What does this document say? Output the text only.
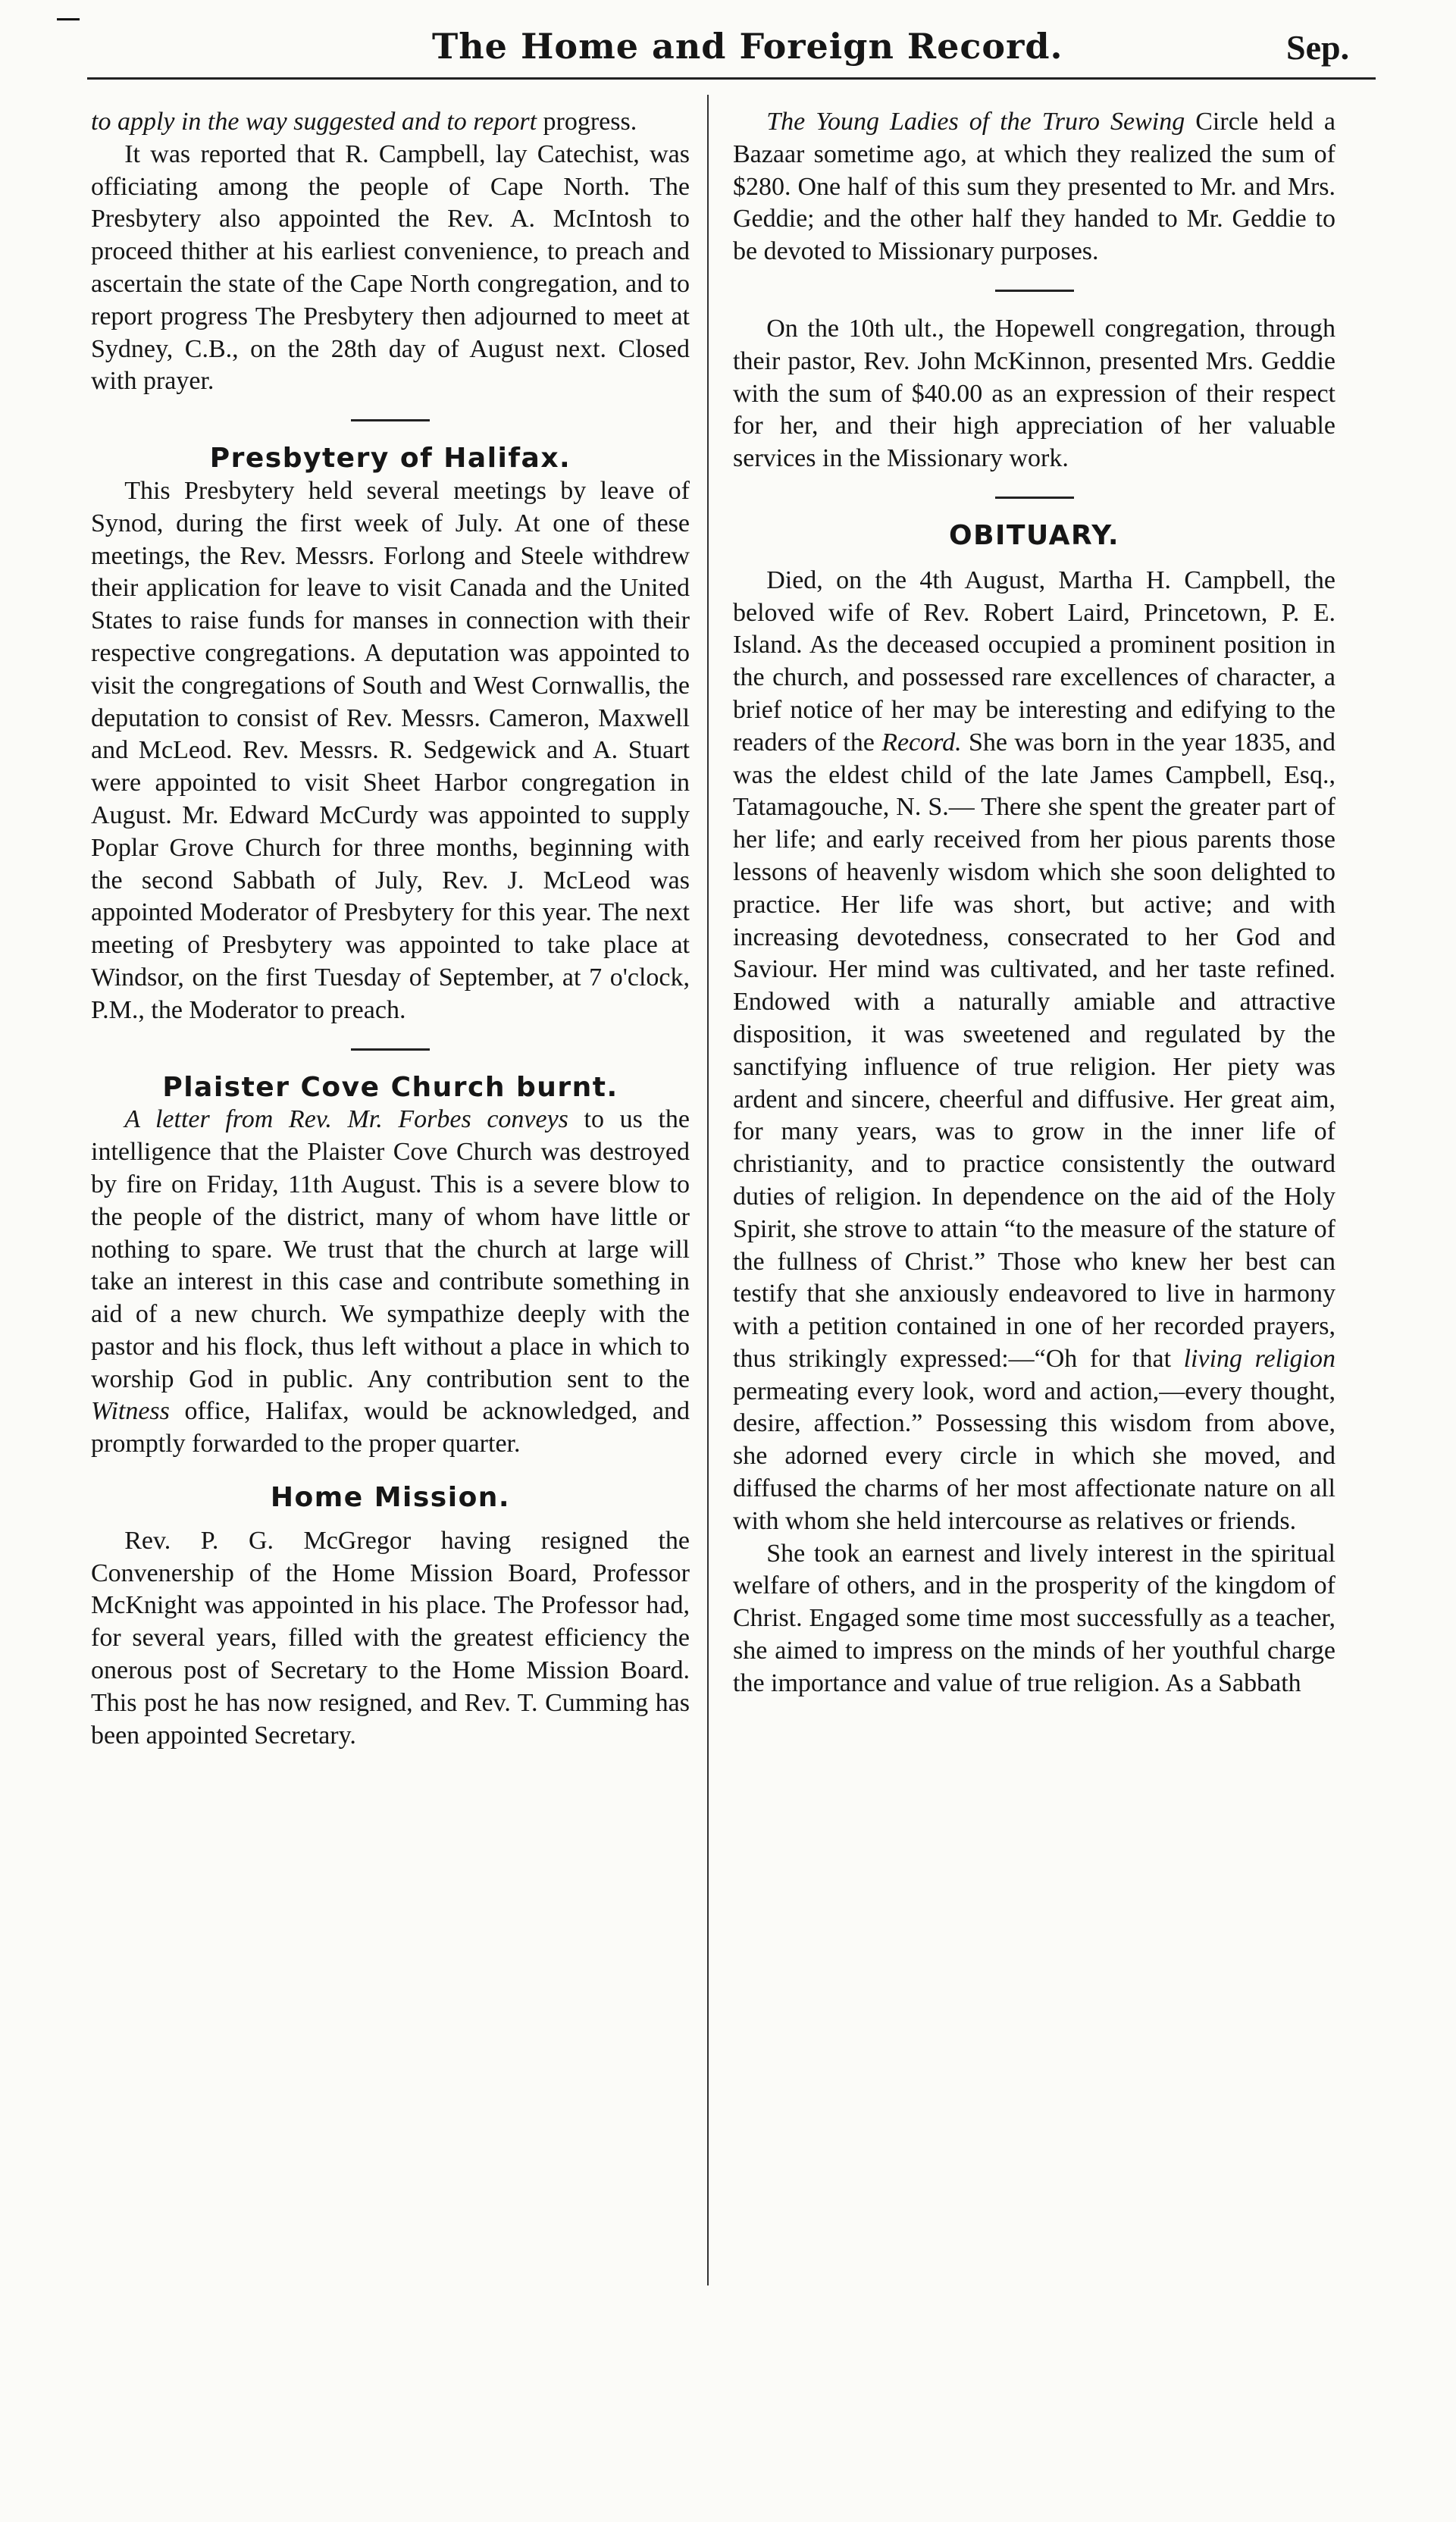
The Home and Foreign Record.	Sep.

to apply in the way suggested and to report progress.

It was reported that R. Campbell, lay Catechist, was officiating among the people of Cape North. The Presbytery also appointed the Rev. A. McIntosh to proceed thither at his earliest convenience, to preach and ascertain the state of the Cape North congregation, and to report progress The Presbytery then adjourned to meet at Sydney, C.B., on the 28th day of August next. Closed with prayer.

Presbytery of Halifax.

This Presbytery held several meetings by leave of Synod, during the first week of July. At one of these meetings, the Rev. Messrs. Forlong and Steele withdrew their application for leave to visit Canada and the United States to raise funds for manses in connection with their respective congregations. A deputation was appointed to visit the congregations of South and West Cornwallis, the deputation to consist of Rev. Messrs. Cameron, Maxwell and McLeod. Rev. Messrs. R. Sedgewick and A. Stuart were appointed to visit Sheet Harbor congregation in August. Mr. Edward McCurdy was appointed to supply Poplar Grove Church for three months, beginning with the second Sabbath of July, Rev. J. McLeod was appointed Moderator of Presbytery for this year. The next meeting of Presbytery was appointed to take place at Windsor, on the first Tuesday of September, at 7 o'clock, P.M., the Moderator to preach.

Plaister Cove Church burnt.

A letter from Rev. Mr. Forbes conveys to us the intelligence that the Plaister Cove Church was destroyed by fire on Friday, 11th August. This is a severe blow to the people of the district, many of whom have little or nothing to spare. We trust that the church at large will take an interest in this case and contribute something in aid of a new church. We sympathize deeply with the pastor and his flock, thus left without a place in which to worship God in public. Any contribution sent to the Witness office, Halifax, would be acknowledged, and promptly forwarded to the proper quarter.

Home Mission.

Rev. P. G. McGregor having resigned the Convenership of the Home Mission Board, Professor McKnight was appointed in his place. The Professor had, for several years, filled with the greatest efficiency the onerous post of Secretary to the Home Mission Board. This post he has now resigned, and Rev. T. Cumming has been appointed Secretary.

The Young Ladies of the Truro Sewing Circle held a Bazaar sometime ago, at which they realized the sum of $280. One half of this sum they presented to Mr. and Mrs. Geddie; and the other half they handed to Mr. Geddie to be devoted to Missionary purposes.

On the 10th ult., the Hopewell congregation, through their pastor, Rev. John McKinnon, presented Mrs. Geddie with the sum of $40.00 as an expression of their respect for her, and their high appreciation of her valuable services in the Missionary work.

OBITUARY.

Died, on the 4th August, Martha H. Campbell, the beloved wife of Rev. Robert Laird, Princetown, P. E. Island. As the deceased occupied a prominent position in the church, and possessed rare excellences of character, a brief notice of her may be interesting and edifying to the readers of the Record. She was born in the year 1835, and was the eldest child of the late James Campbell, Esq., Tatamagouche, N. S.— There she spent the greater part of her life; and early received from her pious parents those lessons of heavenly wisdom which she soon delighted to practice. Her life was short, but active; and with increasing devotedness, consecrated to her God and Saviour. Her mind was cultivated, and her taste refined. Endowed with a naturally amiable and attractive disposition, it was sweetened and regulated by the sanctifying influence of true religion. Her piety was ardent and sincere, cheerful and diffusive. Her great aim, for many years, was to grow in the inner life of christianity, and to practice consistently the outward duties of religion. In dependence on the aid of the Holy Spirit, she strove to attain “to the measure of the stature of the fullness of Christ.” Those who knew her best can testify that she anxiously endeavored to live in harmony with a petition contained in one of her recorded prayers, thus strikingly expressed:—“Oh for that living religion permeating every look, word and action,—every thought, desire, affection.” Possessing this wisdom from above, she adorned every circle in which she moved, and diffused the charms of her most affectionate nature on all with whom she held intercourse as relatives or friends.

She took an earnest and lively interest in the spiritual welfare of others, and in the prosperity of the kingdom of Christ. Engaged some time most successfully as a teacher, she aimed to impress on the minds of her youthful charge the importance and value of true religion. As a Sabbath
